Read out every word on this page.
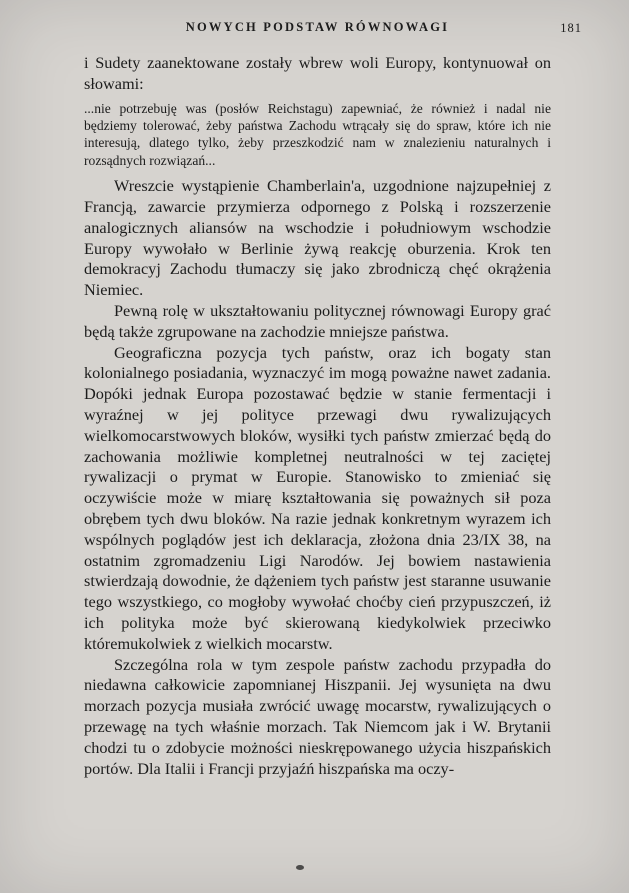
NOWYCH PODSTAW RÓWNOWAGI	181

i Sudety zaanektowane zostały wbrew woli Europy, kontynuował on słowami:

...nie potrzebuję was (posłów Reichstagu) zapewniać, że również i nadal nie będziemy tolerować, żeby państwa Zachodu wtrącały się do spraw, które ich nie interesują, dlatego tylko, żeby przeszkodzić nam w znalezieniu naturalnych i rozsądnych rozwiązań...

Wreszcie wystąpienie Chamberlain'a, uzgodnione najzupełniej z Francją, zawarcie przymierza odpornego z Polską i rozszerzenie analogicznych aliansów na wschodzie i południowym wschodzie Europy wywołało w Berlinie żywą reakcję oburzenia. Krok ten demokracyj Zachodu tłumaczy się jako zbrodniczą chęć okrążenia Niemiec.

Pewną rolę w ukształtowaniu politycznej równowagi Europy grać będą także zgrupowane na zachodzie mniejsze państwa.

Geograficzna pozycja tych państw, oraz ich bogaty stan kolonialnego posiadania, wyznaczyć im mogą poważne nawet zadania. Dopóki jednak Europa pozostawać będzie w stanie fermentacji i wyraźnej w jej polityce przewagi dwu rywalizujących wielkomocarstwowych bloków, wysiłki tych państw zmierzać będą do zachowania możliwie kompletnej neutralności w tej zaciętej rywalizacji o prymat w Europie. Stanowisko to zmieniać się oczywiście może w miarę kształtowania się poważnych sił poza obrębem tych dwu bloków. Na razie jednak konkretnym wyrazem ich wspólnych poglądów jest ich deklaracja, złożona dnia 23/IX 38, na ostatnim zgromadzeniu Ligi Narodów. Jej bowiem nastawienia stwierdzają dowodnie, że dążeniem tych państw jest staranne usuwanie tego wszystkiego, co mogłoby wywołać choćby cień przypuszczeń, iż ich polityka może być skierowaną kiedykolwiek przeciwko któremukolwiek z wielkich mocarstw.

Szczególna rola w tym zespole państw zachodu przypadła do niedawna całkowicie zapomnianej Hiszpanii. Jej wysunięta na dwu morzach pozycja musiała zwrócić uwagę mocarstw, rywalizujących o przewagę na tych właśnie morzach. Tak Niemcom jak i W. Brytanii chodzi tu o zdobycie możności nieskrępowanego użycia hiszpańskich portów. Dla Italii i Francji przyjaźń hiszpańska ma oczy-
